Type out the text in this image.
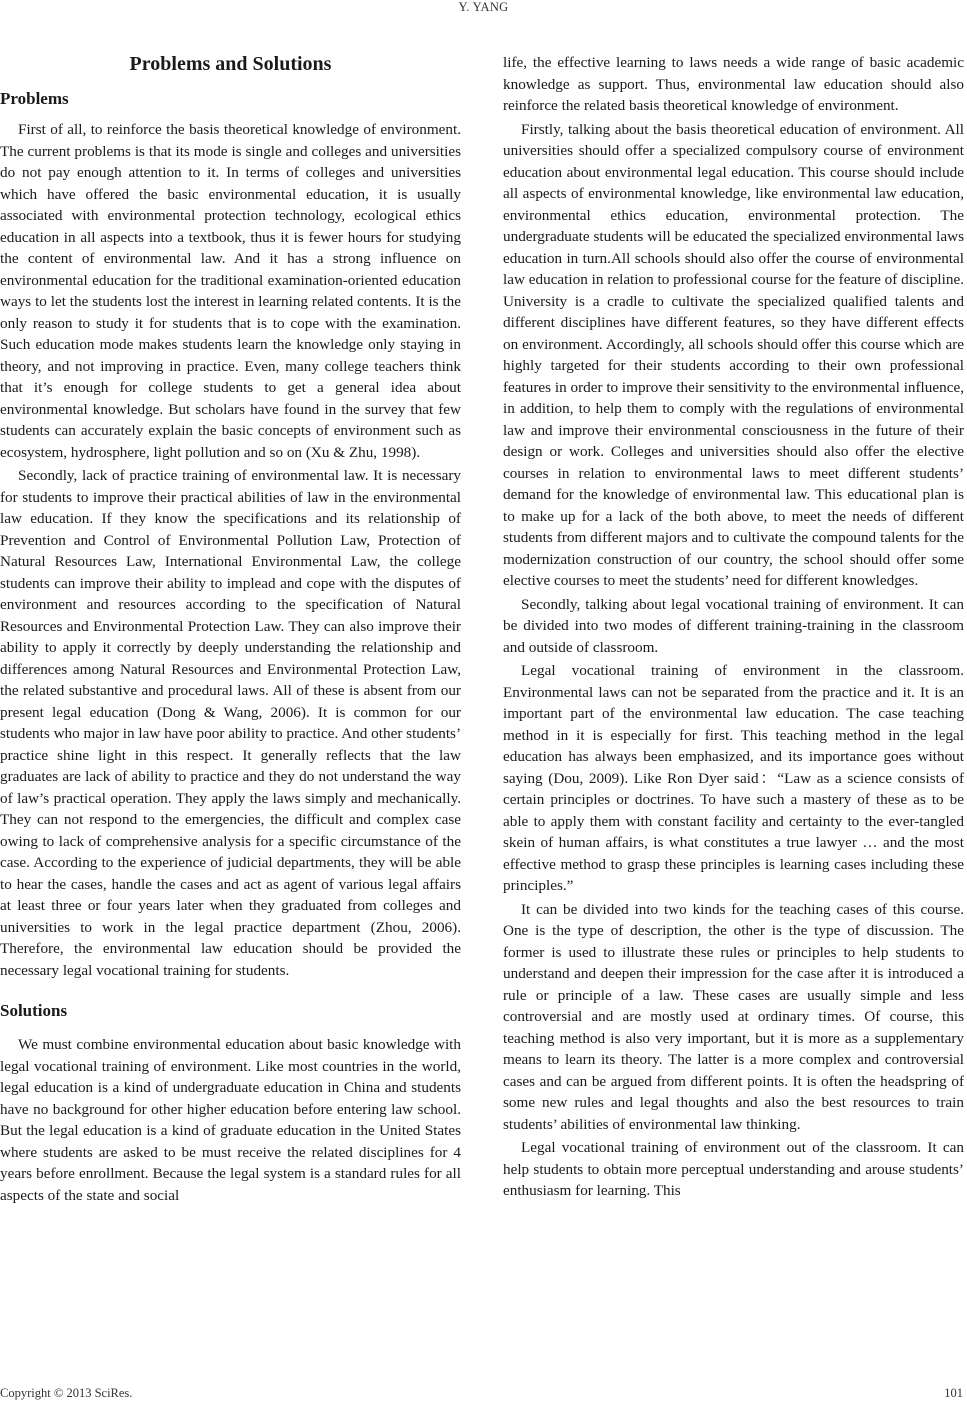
Y. YANG
Problems and Solutions
Problems

First of all, to reinforce the basis theoretical knowledge of environment. The current problems is that its mode is single and colleges and universities do not pay enough attention to it. In terms of colleges and universities which have offered the basic environmental education, it is usually associated with environmental protection technology, ecological ethics education in all aspects into a textbook, thus it is fewer hours for studying the content of environmental law. And it has a strong influence on environmental education for the traditional examination-oriented education ways to let the students lost the interest in learning related contents. It is the only reason to study it for students that is to cope with the examination. Such education mode makes students learn the knowledge only staying in theory, and not improving in practice. Even, many college teachers think that it’s enough for college students to get a general idea about environmental knowledge. But scholars have found in the survey that few students can accurately explain the basic concepts of environment such as ecosystem, hydrosphere, light pollution and so on (Xu & Zhu, 1998).

Secondly, lack of practice training of environmental law. It is necessary for students to improve their practical abilities of law in the environmental law education. If they know the specifications and its relationship of Prevention and Control of Environmental Pollution Law, Protection of Natural Resources Law, International Environmental Law, the college students can improve their ability to implead and cope with the disputes of environment and resources according to the specification of Natural Resources and Environmental Protection Law. They can also improve their ability to apply it correctly by deeply understanding the relationship and differences among Natural Resources and Environmental Protection Law, the related substantive and procedural laws. All of these is absent from our present legal education (Dong & Wang, 2006). It is common for our students who major in law have poor ability to practice. And other students’ practice shine light in this respect. It generally reflects that the law graduates are lack of ability to practice and they do not understand the way of law’s practical operation. They apply the laws simply and mechanically. They can not respond to the emergencies, the difficult and complex case owing to lack of comprehensive analysis for a specific circumstance of the case. According to the experience of judicial departments, they will be able to hear the cases, handle the cases and act as agent of various legal affairs at least three or four years later when they graduated from colleges and universities to work in the legal practice department (Zhou, 2006). Therefore, the environmental law education should be provided the necessary legal vocational training for students.

Solutions

We must combine environmental education about basic knowledge with legal vocational training of environment. Like most countries in the world, legal education is a kind of undergraduate education in China and students have no background for other higher education before entering law school. But the legal education is a kind of graduate education in the United States where students are asked to be must receive the related disciplines for 4 years before enrollment. Because the legal system is a standard rules for all aspects of the state and social

life, the effective learning to laws needs a wide range of basic academic knowledge as support. Thus, environmental law education should also reinforce the related basis theoretical knowledge of environment.

Firstly, talking about the basis theoretical education of environment. All universities should offer a specialized compulsory course of environment education about environmental legal education. This course should include all aspects of environmental knowledge, like environmental law education, environmental ethics education, environmental protection. The undergraduate students will be educated the specialized environmental laws education in turn.All schools should also offer the course of environmental law education in relation to professional course for the feature of discipline. University is a cradle to cultivate the specialized qualified talents and different disciplines have different features, so they have different effects on environment. Accordingly, all schools should offer this course which are highly targeted for their students according to their own professional features in order to improve their sensitivity to the environmental influence, in addition, to help them to comply with the regulations of environmental law and improve their environmental consciousness in the future of their design or work. Colleges and universities should also offer the elective courses in relation to environmental laws to meet different students’ demand for the knowledge of environmental law. This educational plan is to make up for a lack of the both above, to meet the needs of different students from different majors and to cultivate the compound talents for the modernization construction of our country, the school should offer some elective courses to meet the students’ need for different knowledges.

Secondly, talking about legal vocational training of environment. It can be divided into two modes of different training-training in the classroom and outside of classroom.

Legal vocational training of environment in the classroom. Environmental laws can not be separated from the practice and it. It is an important part of the environmental law education. The case teaching method in it is especially for first. This teaching method in the legal education has always been emphasized, and its importance goes without saying (Dou, 2009). Like Ron Dyer said：“Law as a science consists of certain principles or doctrines. To have such a mastery of these as to be able to apply them with constant facility and certainty to the ever-tangled skein of human affairs, is what constitutes a true lawyer … and the most effective method to grasp these principles is learning cases including these principles.”

It can be divided into two kinds for the teaching cases of this course. One is the type of description, the other is the type of discussion. The former is used to illustrate these rules or principles to help students to understand and deepen their impression for the case after it is introduced a rule or principle of a law. These cases are usually simple and less controversial and are mostly used at ordinary times. Of course, this teaching method is also very important, but it is more as a supplementary means to learn its theory. The latter is a more complex and controversial cases and can be argued from different points. It is often the headspring of some new rules and legal thoughts and also the best resources to train students’ abilities of environmental law thinking.

Legal vocational training of environment out of the classroom. It can help students to obtain more perceptual understanding and arouse students’ enthusiasm for learning. This

Copyright © 2013 SciRes.	101
